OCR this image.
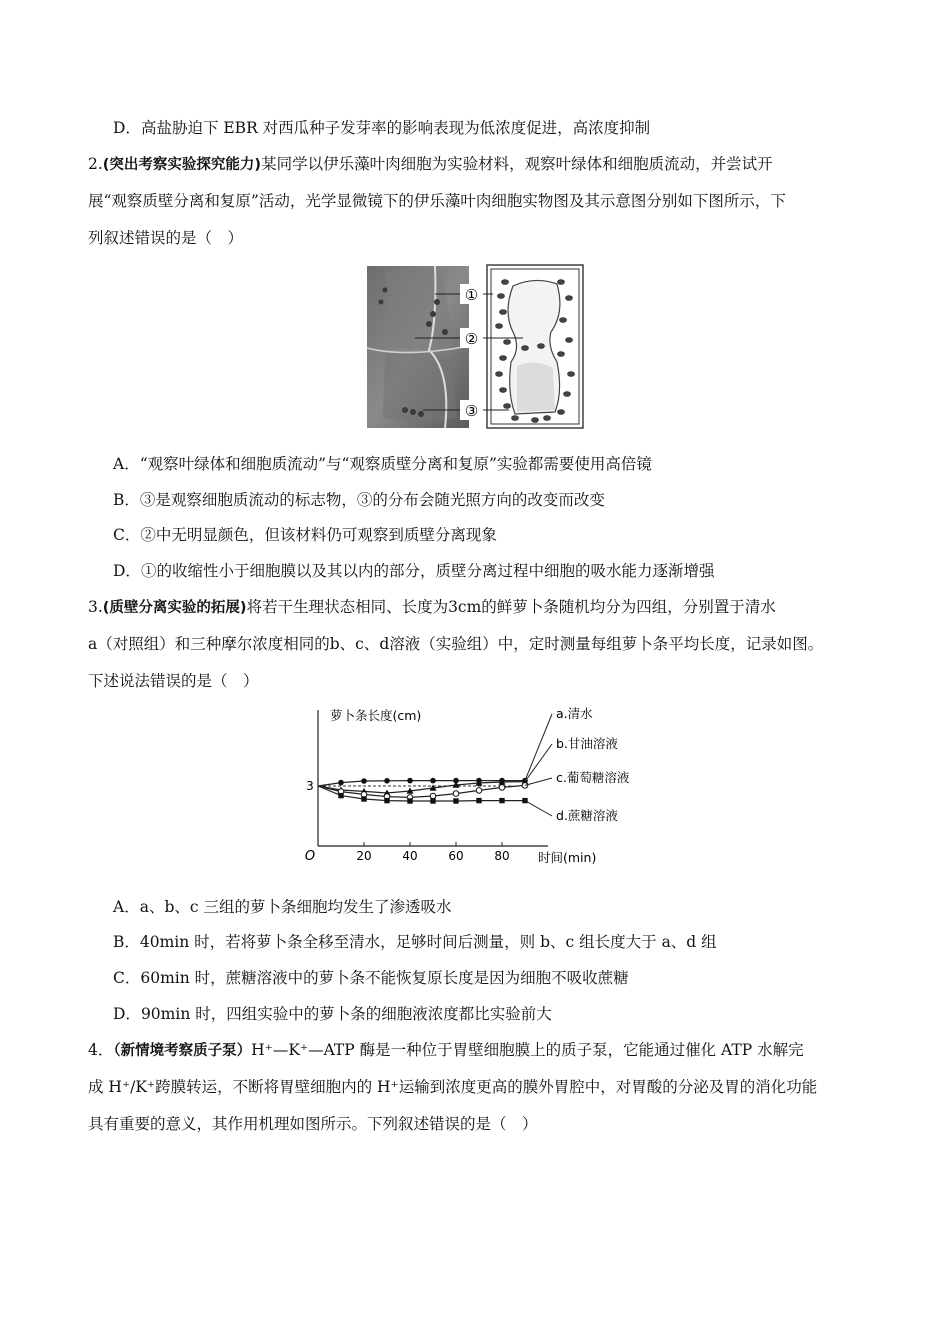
D．高盐胁迫下 EBR 对西瓜种子发芽率的影响表现为低浓度促进，高浓度抑制
2.(突出考察实验探究能力)某同学以伊乐藻叶肉细胞为实验材料，观察叶绿体和细胞质流动，并尝试开
展“观察质壁分离和复原”活动，光学显微镜下的伊乐藻叶肉细胞实物图及其示意图分别如下图所示，下
列叙述错误的是（　）
①
②
③
A．“观察叶绿体和细胞质流动”与“观察质壁分离和复原”实验都需要使用高倍镜
B．③是观察细胞质流动的标志物，③的分布会随光照方向的改变而改变
C．②中无明显颜色，但该材料仍可观察到质壁分离现象
D．①的收缩性小于细胞膜以及其以内的部分，质壁分离过程中细胞的吸水能力逐渐增强
3.(质壁分离实验的拓展)将若干生理状态相同、长度为3cm的鲜萝卜条随机均分为四组，分别置于清水
a（对照组）和三种摩尔浓度相同的b、c、d溶液（实验组）中，定时测量每组萝卜条平均长度，记录如图。
下述说法错误的是（　）
20	40	60	80
O
3
萝卜条长度(cm)
时间(min)
a.清水
b.甘油溶液
c.葡萄糖溶液
d.蔗糖溶液
A．a、b、c 三组的萝卜条细胞均发生了渗透吸水
B．40min 时，若将萝卜条全移至清水，足够时间后测量，则 b、c 组长度大于 a、d 组
C．60min 时，蔗糖溶液中的萝卜条不能恢复原长度是因为细胞不吸收蔗糖
D．90min 时，四组实验中的萝卜条的细胞液浓度都比实验前大
4．（新情境考察质子泵）H⁺—K⁺—ATP 酶是一种位于胃壁细胞膜上的质子泵，它能通过催化 ATP 水解完
成 H⁺/K⁺跨膜转运，不断将胃壁细胞内的 H⁺运输到浓度更高的膜外胃腔中，对胃酸的分泌及胃的消化功能
具有重要的意义，其作用机理如图所示。下列叙述错误的是（　）
